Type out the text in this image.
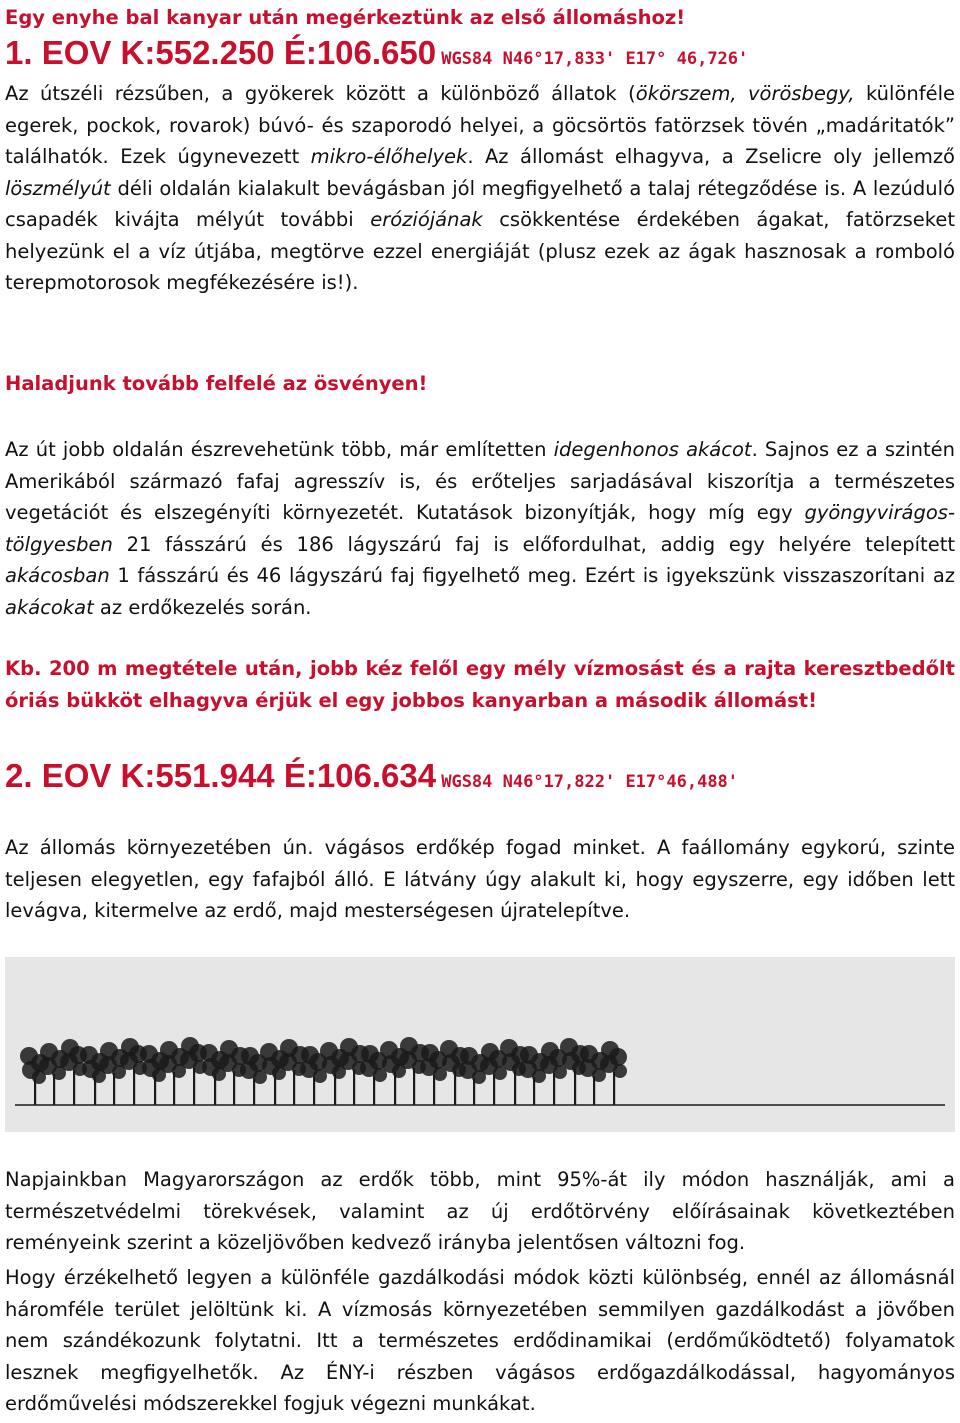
Egy enyhe bal kanyar után megérkeztünk az első állomáshoz!

1. EOV K:552.250 É:106.650 WGS84 N46°17,833' E17° 46,726'

Az útszéli rézsűben, a gyökerek között a különböző állatok (ökörszem, vörösbegy, különféle egerek, pockok, rovarok) búvó- és szaporodó helyei, a göcsörtös fatörzsek tövén „madáritatók” találhatók. Ezek úgynevezett mikro-élőhelyek. Az állomást elhagyva, a Zselicre oly jellemző löszmélyút déli oldalán kialakult bevágásban jól megfigyelhető a talaj rétegződése is. A lezúduló csapadék kivájta mélyút további eróziójának csökkentése érdekében ágakat, fatörzseket helyezünk el a víz útjába, megtörve ezzel energiáját (plusz ezek az ágak hasznosak a romboló terepmotorosok megfékezésére is!).

Haladjunk tovább felfelé az ösvényen!

Az út jobb oldalán észrevehetünk több, már említetten idegenhonos akácot. Sajnos ez a szintén Amerikából származó fafaj agresszív is, és erőteljes sarjadásával kiszorítja a természetes vegetációt és elszegényíti környezetét. Kutatások bizonyítják, hogy míg egy gyöngyvirágos-tölgyesben 21 fásszárú és 186 lágyszárú faj is előfordulhat, addig egy helyére telepített akácosban 1 fásszárú és 46 lágyszárú faj figyelhető meg. Ezért is igyekszünk visszaszorítani az akácokat az erdőkezelés során.

Kb. 200 m megtétele után, jobb kéz felől egy mély vízmosást és a rajta keresztbedőlt óriás bükköt elhagyva érjük el egy jobbos kanyarban a második állomást!

2. EOV K:551.944 É:106.634 WGS84 N46°17,822' E17°46,488'

Az állomás környezetében ún. vágásos erdőkép fogad minket. A faállomány egykorú, szinte teljesen elegyetlen, egy fafajból álló. E látvány úgy alakult ki, hogy egyszerre, egy időben lett levágva, kitermelve az erdő, majd mesterségesen újratelepítve.

Napjainkban Magyarországon az erdők több, mint 95%-át ily módon használják, ami a természetvédelmi törekvések, valamint az új erdőtörvény előírásainak következtében reményeink szerint a közeljövőben kedvező irányba jelentősen változni fog.

Hogy érzékelhető legyen a különféle gazdálkodási módok közti különbség, ennél az állomásnál háromféle terület jelöltünk ki. A vízmosás környezetében semmilyen gazdálkodást a jövőben nem szándékozunk folytatni. Itt a természetes erdődinamikai (erdőműködtető) folyamatok lesznek megfigyelhetők. Az ÉNY-i részben vágásos erdőgazdálkodással, hagyományos erdőművelési módszerekkel fogjuk végezni munkákat.
